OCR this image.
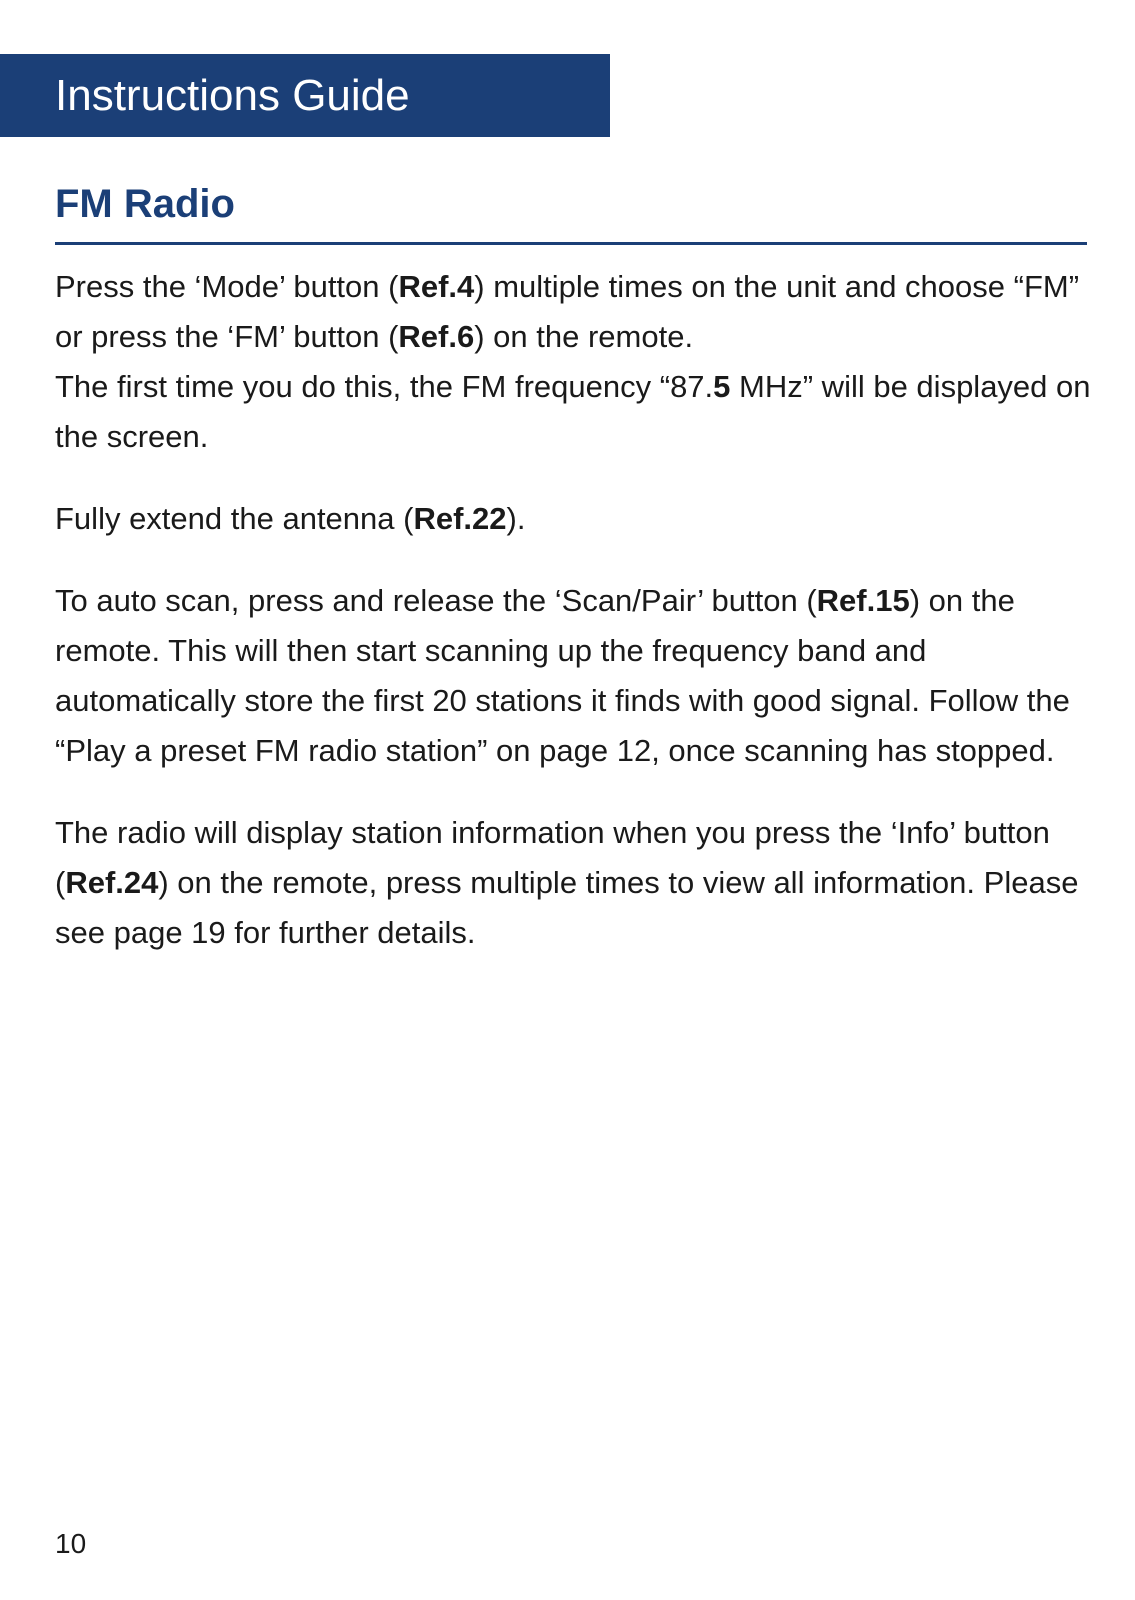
Instructions Guide
FM Radio

Press the ‘Mode’ button (Ref.4) multiple times on the unit and choose “FM” or press the ‘FM’ button (Ref.6) on the remote.
The first time you do this, the FM frequency “87.5 MHz” will be displayed on the screen.

Fully extend the antenna (Ref.22).

To auto scan, press and release the ‘Scan/Pair’ button (Ref.15) on the remote. This will then start scanning up the frequency band and automatically store the first 20 stations it finds with good signal. Follow the “Play a preset FM radio station” on page 12, once scanning has stopped.

The radio will display station information when you press the ‘Info’ button (Ref.24) on the remote, press multiple times to view all information. Please see page 19 for further details.

10
